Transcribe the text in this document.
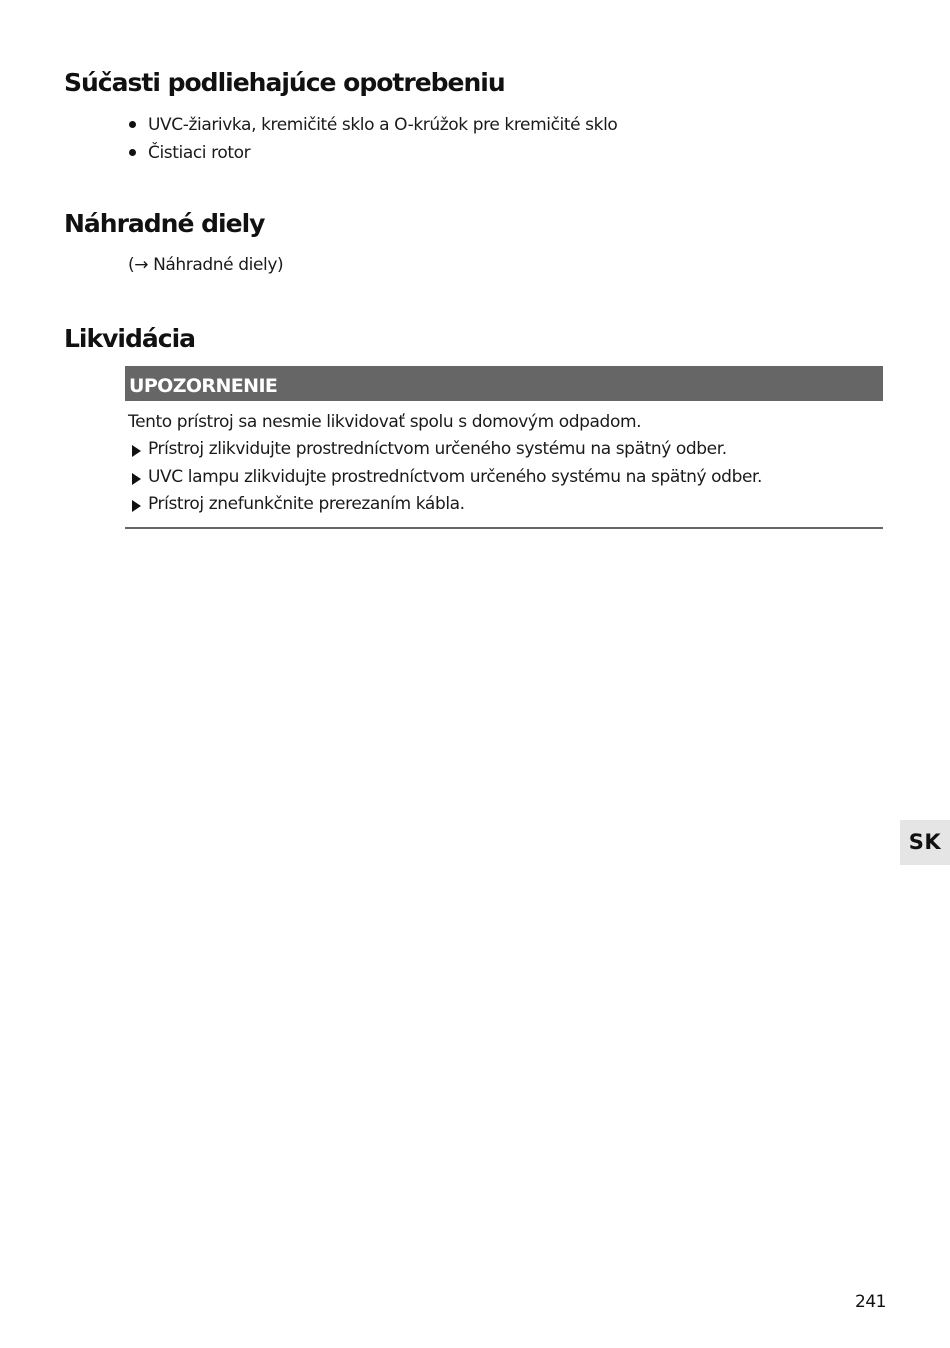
Súčasti podliehajúce opotrebeniu
UVC-žiarivka, kremičité sklo a O-krúžok pre kremičité sklo
Čistiaci rotor
Náhradné diely
(→ Náhradné diely)
Likvidácia
UPOZORNENIE
Tento prístroj sa nesmie likvidovať spolu s domovým odpadom.
Prístroj zlikvidujte prostredníctvom určeného systému na spätný odber.
UVC lampu zlikvidujte prostredníctvom určeného systému na spätný odber.
Prístroj znefunkčnite prerezaním kábla.
SK
241
